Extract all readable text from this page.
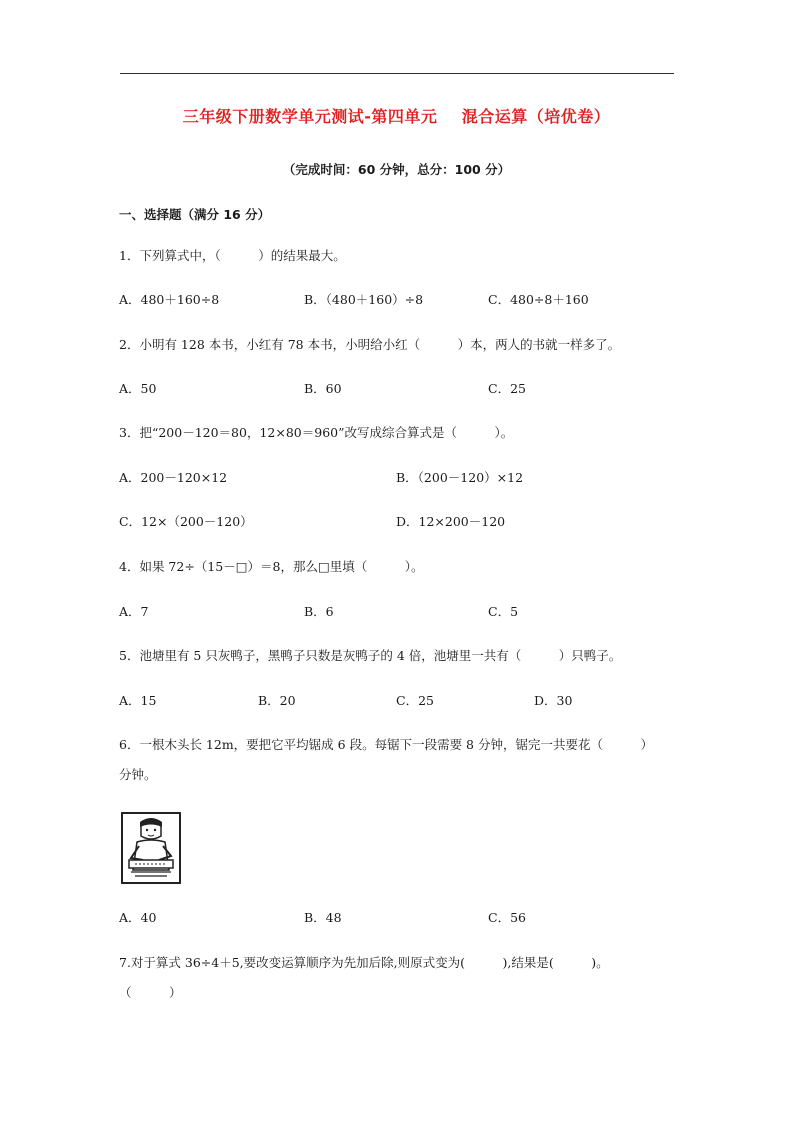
三年级下册数学单元测试-第四单元    混合运算（培优卷）
（完成时间：60 分钟，总分：100 分）
一、选择题（满分 16 分）
1．下列算式中，（　　　）的结果最大。
A．480＋160÷8	B．（480＋160）÷8	C．480÷8＋160
2．小明有 128 本书，小红有 78 本书，小明给小红（　　　）本，两人的书就一样多了。
A．50	B．60	C．25
3．把“200－120＝80，12×80＝960”改写成综合算式是（　　　）。
A．200－120×12	B．（200－120）×12
C．12×（200－120）	D．12×200－120
4．如果 72÷（15－□）＝8，那么□里填（　　　）。
A．7	B．6	C．5
5．池塘里有 5 只灰鸭子，黑鸭子只数是灰鸭子的 4 倍，池塘里一共有（　　　）只鸭子。
A．15	B．20	C．25	D．30
6．一根木头长 12m，要把它平均锯成 6 段。每锯下一段需要 8 分钟，锯完一共要花（　　　）
分钟。
A．40	B．48	C．56
7.对于算式 36÷4＋5,要改变运算顺序为先加后除,则原式变为(　　　),结果是(　　　)。
（　　　）
